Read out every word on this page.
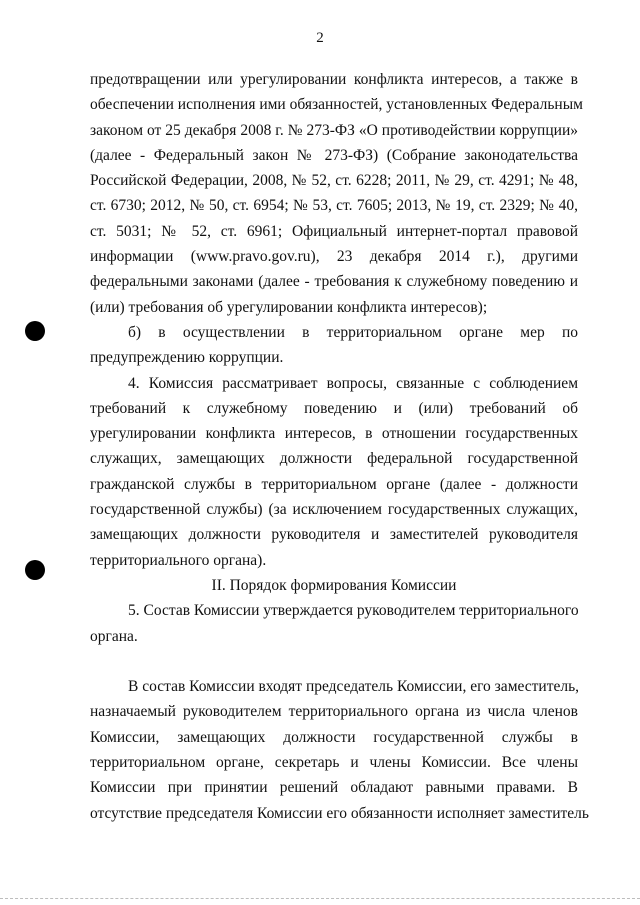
2
предотвращении или урегулировании конфликта интересов, а также в
обеспечении исполнения ими обязанностей, установленных Федеральным
законом от 25 декабря 2008 г. № 273-ФЗ «О противодействии коррупции»
(далее - Федеральный закон № 273-ФЗ) (Собрание законодательства
Российской Федерации, 2008, № 52, ст. 6228; 2011, № 29, ст. 4291; № 48,
ст. 6730; 2012, № 50, ст. 6954; № 53, ст. 7605; 2013, № 19, ст. 2329; № 40,
ст. 5031; № 52, ст. 6961; Официальный интернет-портал правовой
информации (www.pravo.gov.ru), 23 декабря 2014 г.), другими
федеральными законами (далее - требования к служебному поведению и
(или) требования об урегулировании конфликта интересов);
б) в осуществлении в территориальном органе мер по
предупреждению коррупции.
4. Комиссия рассматривает вопросы, связанные с соблюдением
требований к служебному поведению и (или) требований об
урегулировании конфликта интересов, в отношении государственных
служащих, замещающих должности федеральной государственной
гражданской службы в территориальном органе (далее - должности
государственной службы) (за исключением государственных служащих,
замещающих должности руководителя и заместителей руководителя
территориального органа).
II. Порядок формирования Комиссии
5. Состав Комиссии утверждается руководителем территориального
органа.
В состав Комиссии входят председатель Комиссии, его заместитель,
назначаемый руководителем территориального органа из числа членов
Комиссии, замещающих должности государственной службы в
территориальном органе, секретарь и члены Комиссии. Все члены
Комиссии при принятии решений обладают равными правами. В
отсутствие председателя Комиссии его обязанности исполняет заместитель
